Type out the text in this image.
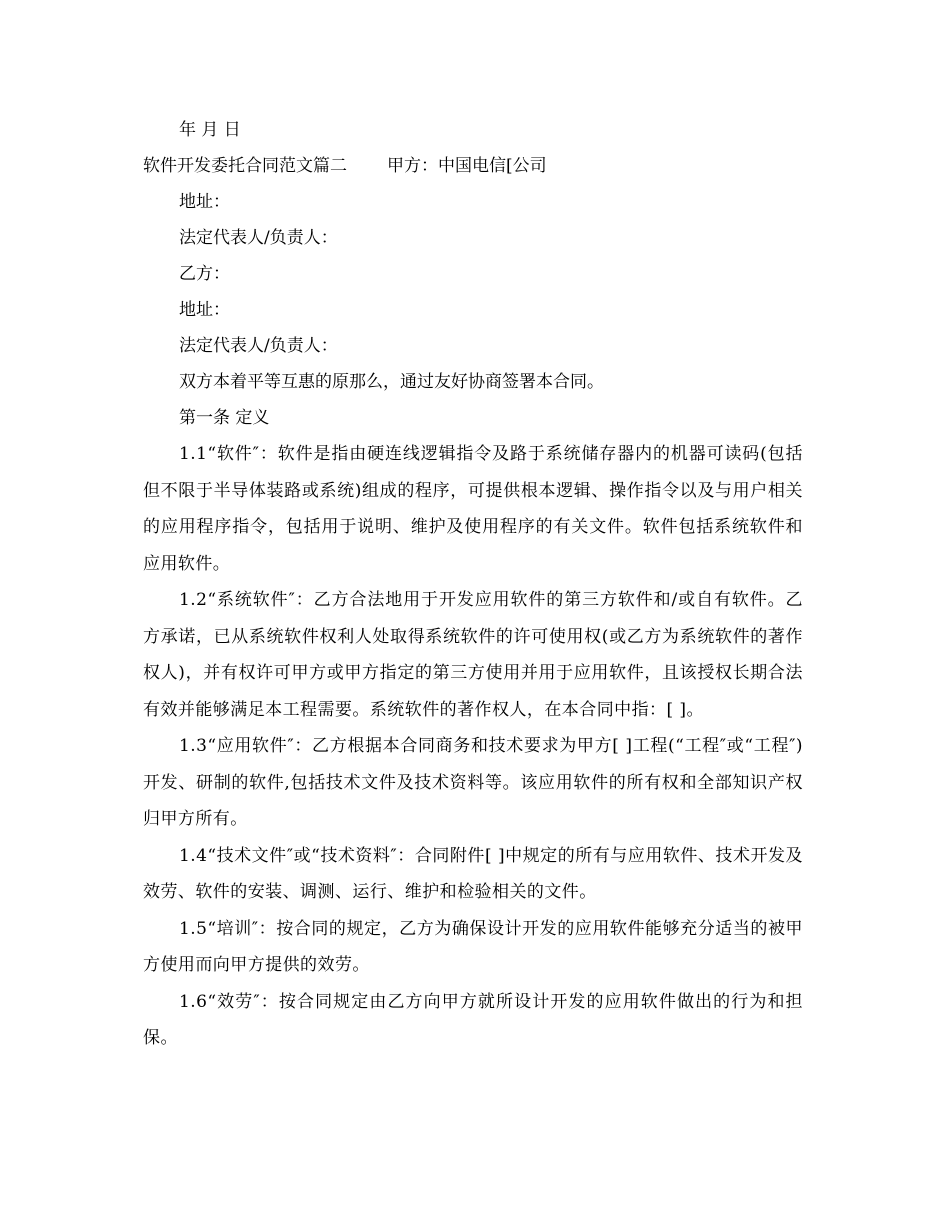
年 月 日

软件开发委托合同范文篇二 甲方：中国电信[公司

地址：

法定代表人/负责人：

乙方：

地址：

法定代表人/负责人：

双方本着平等互惠的原那么，通过友好协商签署本合同。

第一条 定义

1.1“软件″：软件是指由硬连线逻辑指令及路于系统储存器内的机器可读码(包括但不限于半导体装路或系统)组成的程序，可提供根本逻辑、操作指令以及与用户相关的应用程序指令，包括用于说明、维护及使用程序的有关文件。软件包括系统软件和应用软件。

1.2“系统软件″：乙方合法地用于开发应用软件的第三方软件和/或自有软件。乙方承诺，已从系统软件权利人处取得系统软件的许可使用权(或乙方为系统软件的著作权人)，并有权许可甲方或甲方指定的第三方使用并用于应用软件，且该授权长期合法有效并能够满足本工程需要。系统软件的著作权人，在本合同中指：[ ]。

1.3“应用软件″：乙方根据本合同商务和技术要求为甲方[ ]工程(“工程″或“工程″)开发、研制的软件,包括技术文件及技术资料等。该应用软件的所有权和全部知识产权归甲方所有。

1.4“技术文件″或“技术资料″：合同附件[ ]中规定的所有与应用软件、技术开发及效劳、软件的安装、调测、运行、维护和检验相关的文件。

1.5“培训″：按合同的规定，乙方为确保设计开发的应用软件能够充分适当的被甲方使用而向甲方提供的效劳。

1.6“效劳″：按合同规定由乙方向甲方就所设计开发的应用软件做出的行为和担保。
